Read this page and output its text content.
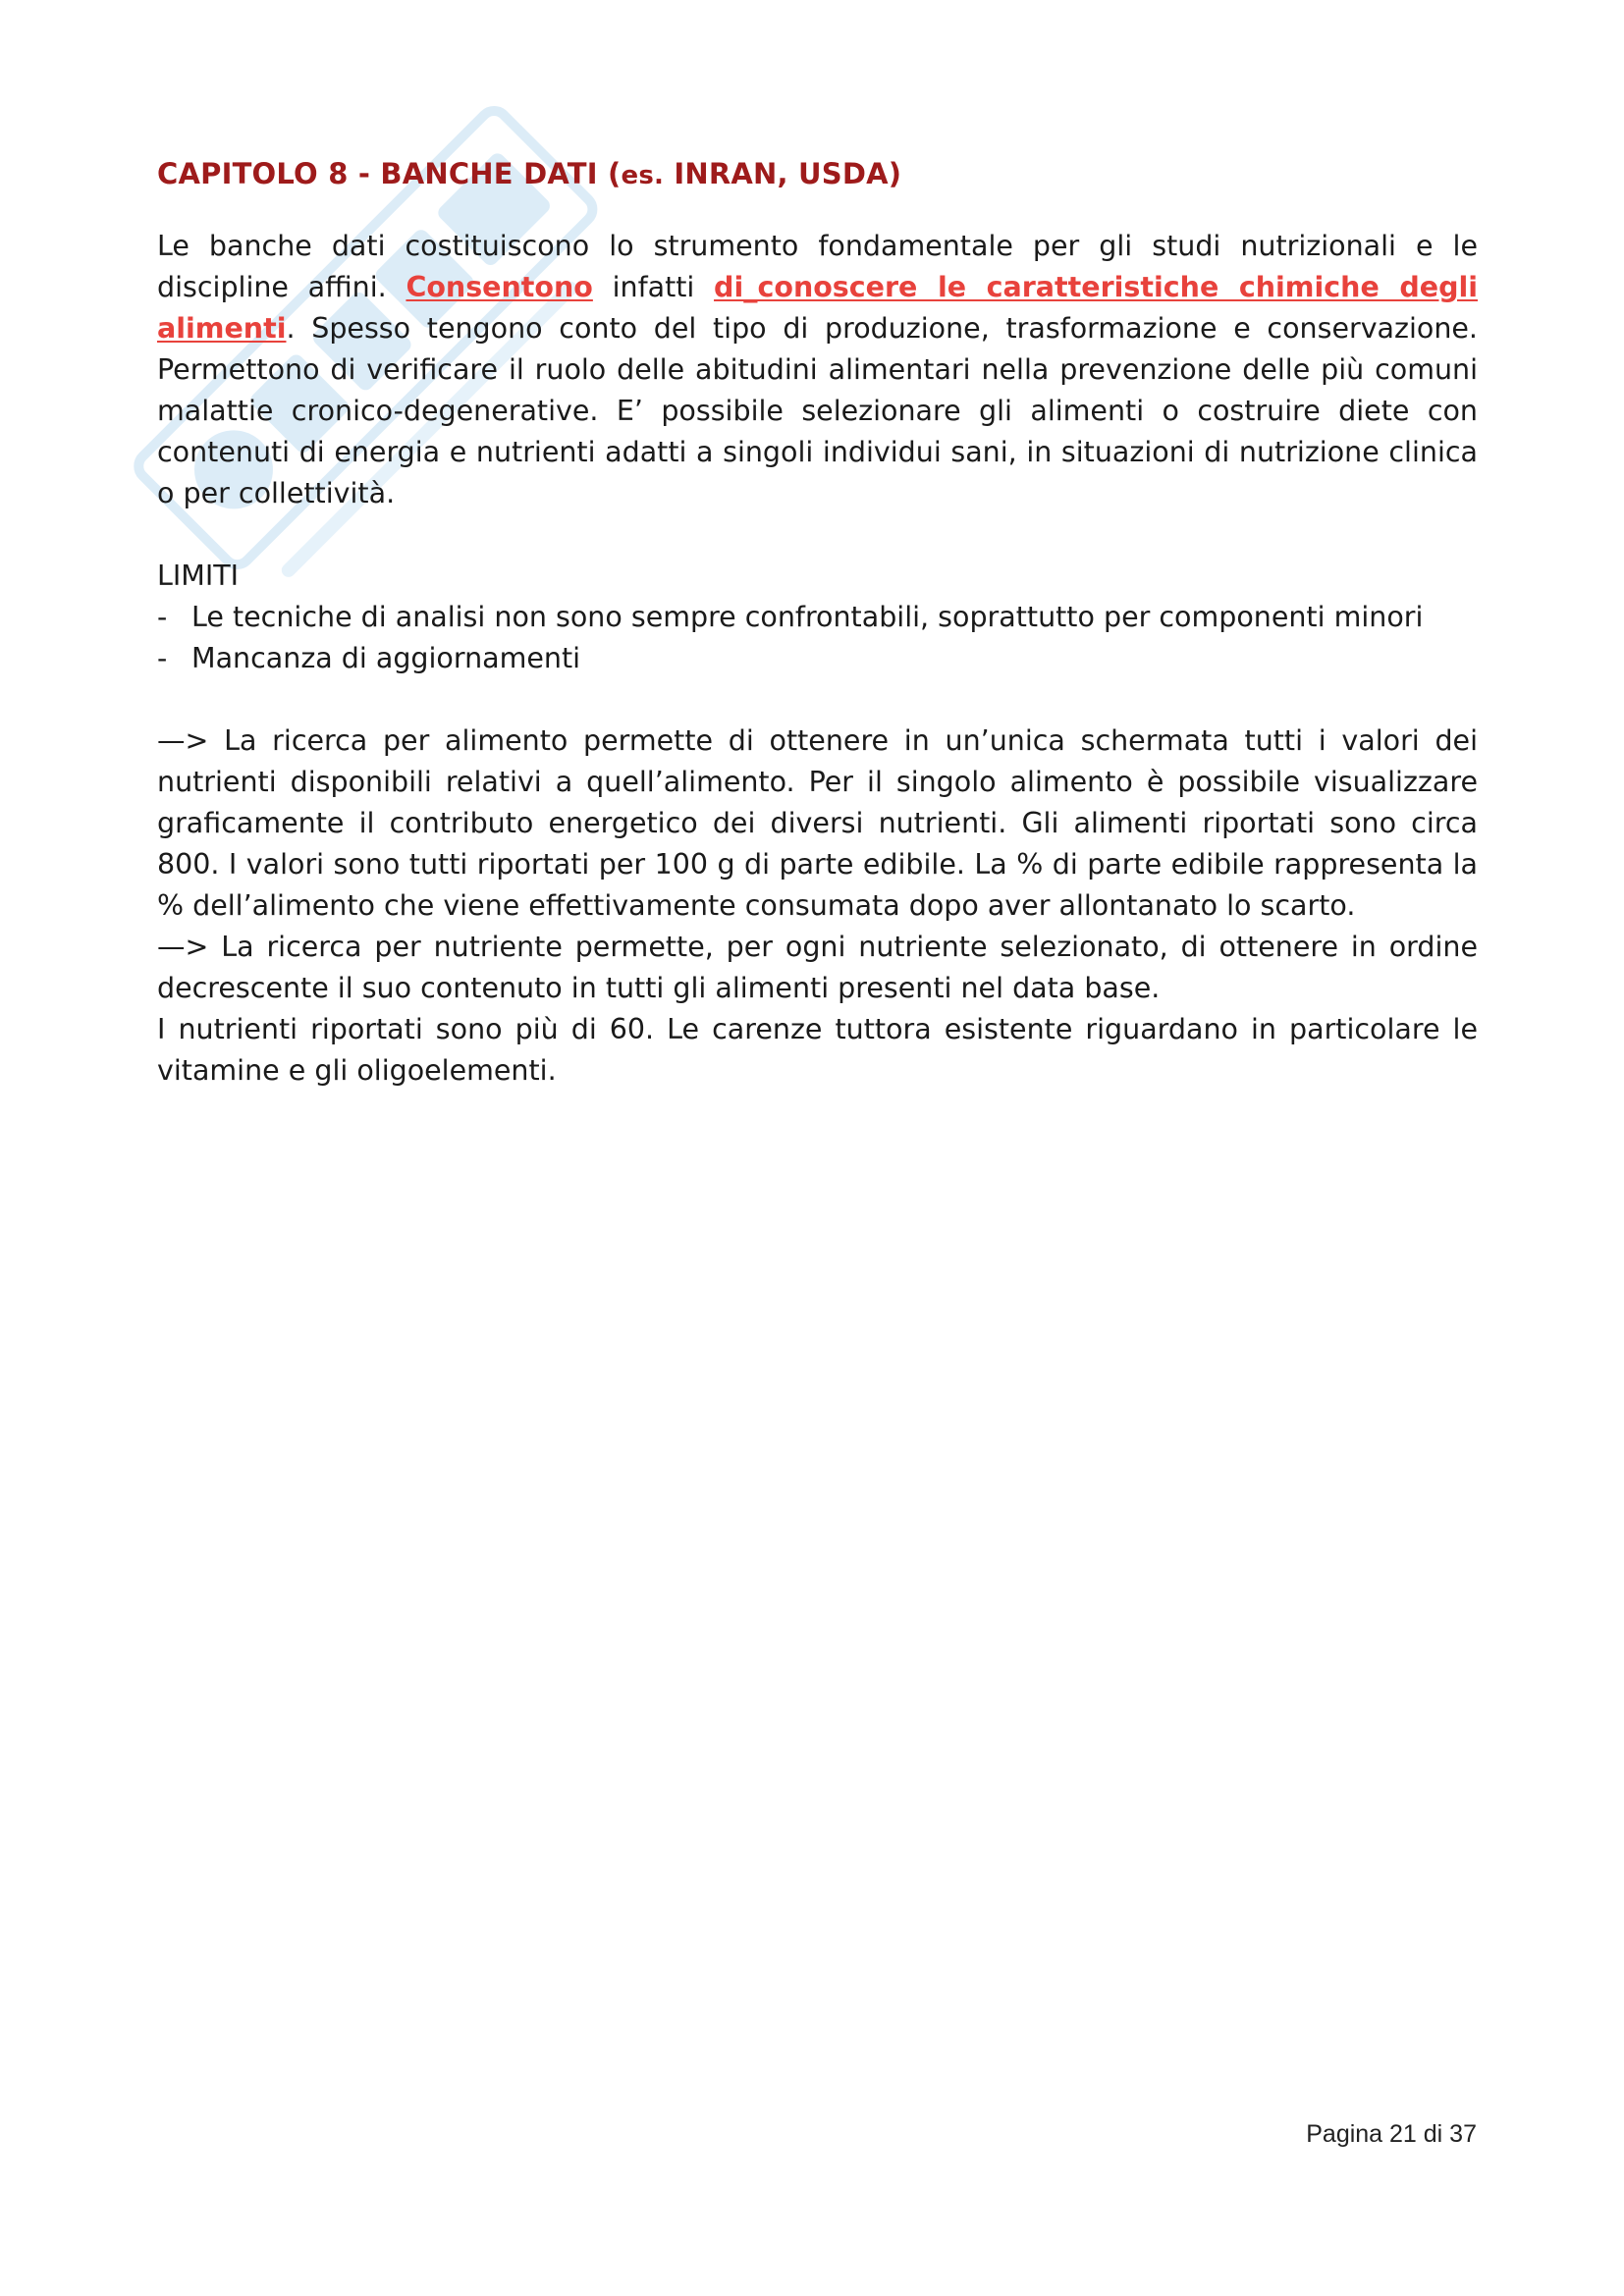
CAPITOLO 8 - BANCHE DATI (es. INRAN, USDA)

Le banche dati costituiscono lo strumento fondamentale per gli studi nutrizionali e le discipline affini. Consentono infatti di_conoscere le caratteristiche chimiche degli alimenti. Spesso tengono conto del tipo di produzione, trasformazione e conservazione. Permettono di verificare il ruolo delle abitudini alimentari nella prevenzione delle più comuni malattie cronico-degenerative. E’ possibile selezionare gli alimenti o costruire diete con contenuti di energia e nutrienti adatti a singoli individui sani, in situazioni di nutrizione clinica o per collettività.

LIMITI
- Le tecniche di analisi non sono sempre confrontabili, soprattutto per componenti minori
- Mancanza di aggiornamenti

—> La ricerca per alimento permette di ottenere in un’unica schermata tutti i valori dei nutrienti disponibili relativi a quell’alimento. Per il singolo alimento è possibile visualizzare graficamente il contributo energetico dei diversi nutrienti. Gli alimenti riportati sono circa 800. I valori sono tutti riportati per 100 g di parte edibile. La % di parte edibile rappresenta la % dell’alimento che viene effettivamente consumata dopo aver allontanato lo scarto.

—> La ricerca per nutriente permette, per ogni nutriente selezionato, di ottenere in ordine decrescente il suo contenuto in tutti gli alimenti presenti nel data base.

I nutrienti riportati sono più di 60. Le carenze tuttora esistente riguardano in particolare le vitamine e gli oligoelementi.

Pagina 21 di 37
